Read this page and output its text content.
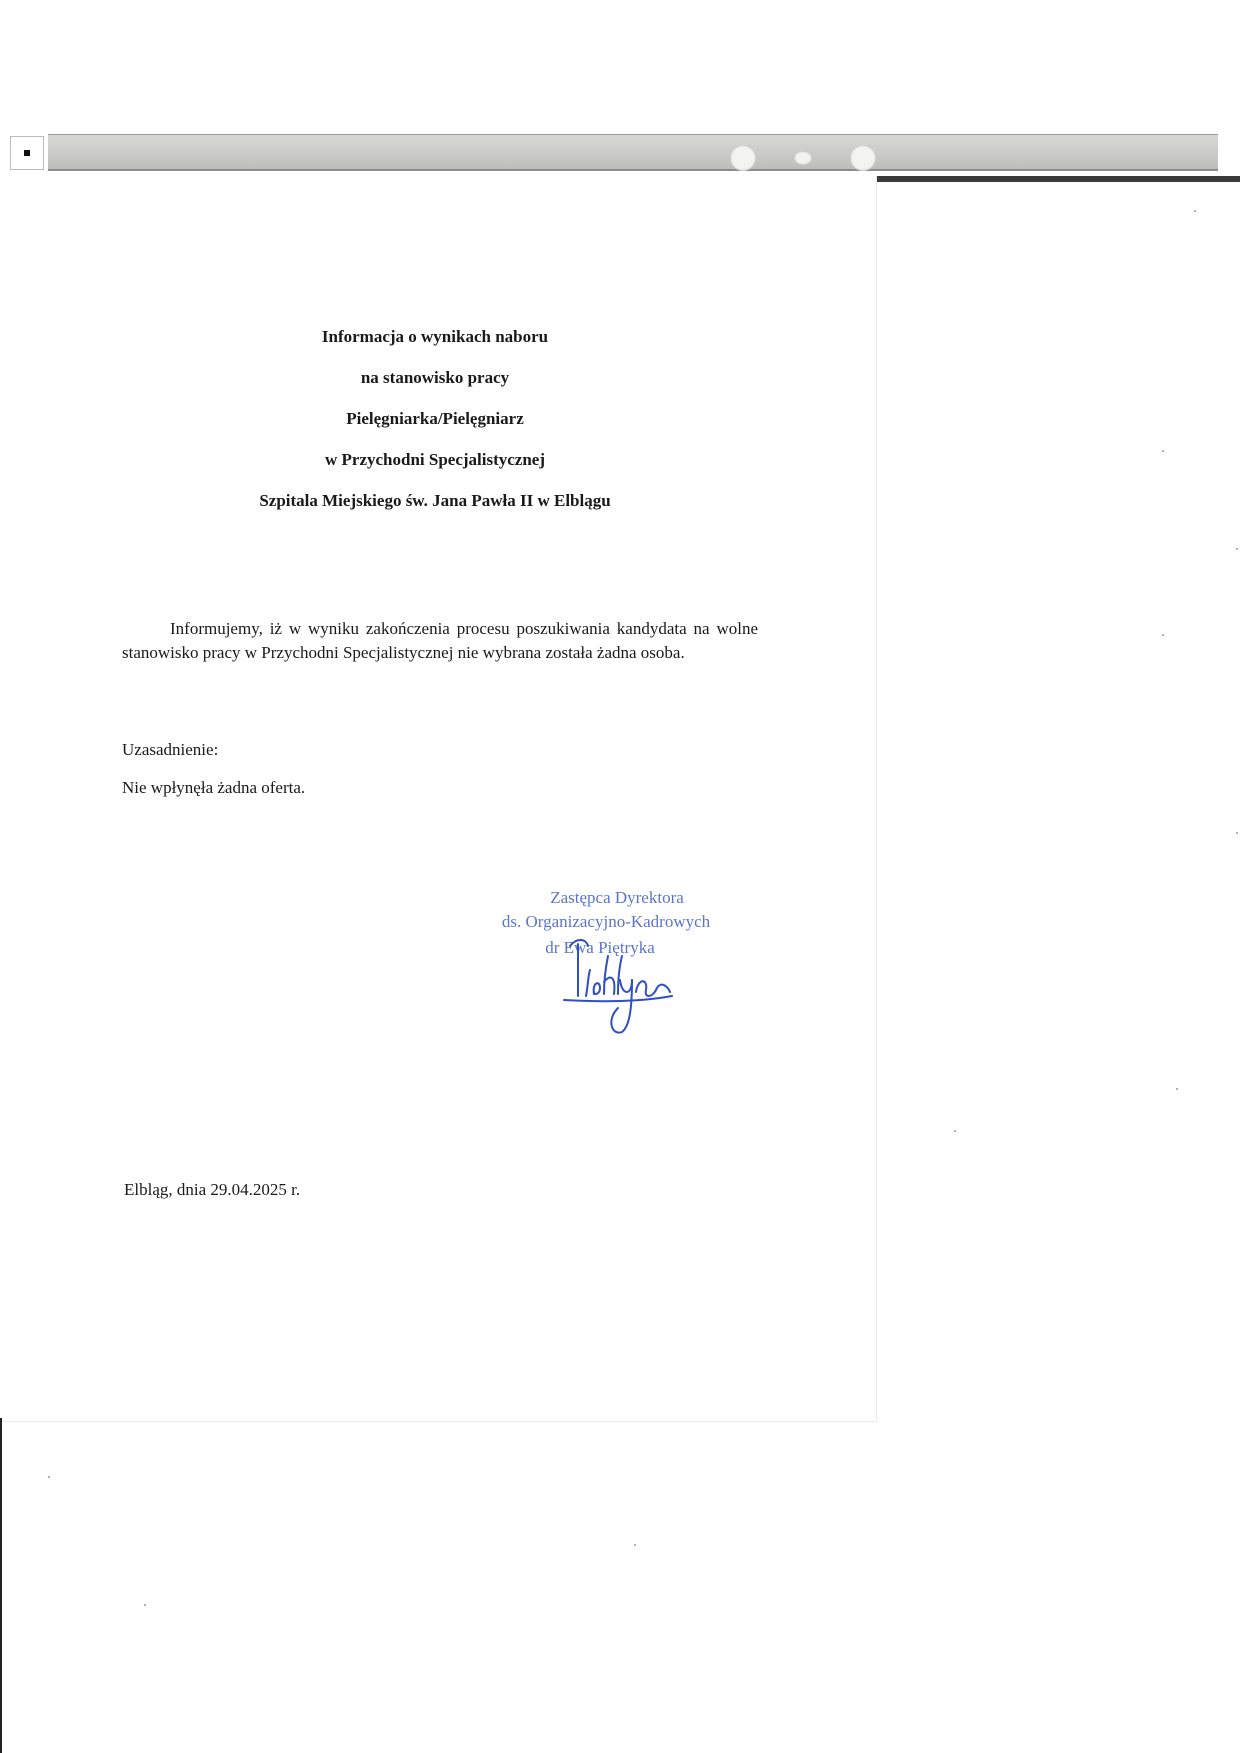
Informacja o wynikach naboru
na stanowisko pracy
Pielęgniarka/Pielęgniarz
w Przychodni Specjalistycznej
Szpitala Miejskiego św. Jana Pawła II w Elblągu

Informujemy, iż w wyniku zakończenia procesu poszukiwania kandydata na wolne stanowisko pracy w Przychodni Specjalistycznej nie wybrana została żadna osoba.

Uzasadnienie:
Nie wpłynęła żadna oferta.
Zastępca Dyrektora
ds. Organizacyjno-Kadrowych
dr Ewa Piętryka
Elbląg, dnia 29.04.2025 r.
